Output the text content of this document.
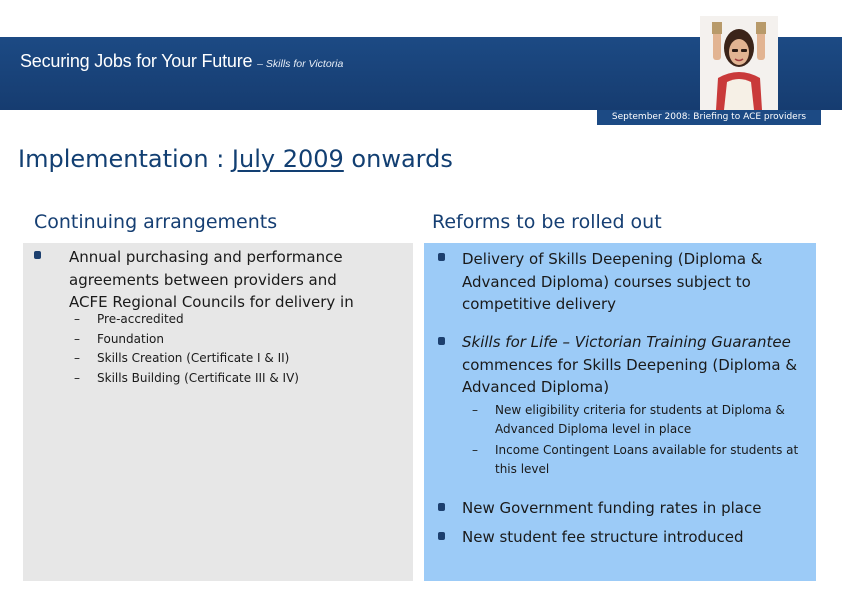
Securing Jobs for Your Future – Skills for Victoria
September 2008: Briefing to ACE providers
Implementation : July 2009 onwards
Continuing arrangements	Reforms to be rolled out
Annual purchasing and performance agreements between providers and ACFE Regional Councils for delivery in
– Pre-accredited
– Foundation
– Skills Creation (Certificate I & II)
– Skills Building (Certificate III & IV)
Delivery of Skills Deepening (Diploma & Advanced Diploma) courses subject to competitive delivery
Skills for Life – Victorian Training Guarantee commences for Skills Deepening (Diploma & Advanced Diploma)
– New eligibility criteria for students at Diploma & Advanced Diploma level in place
– Income Contingent Loans available for students at this level
New Government funding rates in place
New student fee structure introduced
